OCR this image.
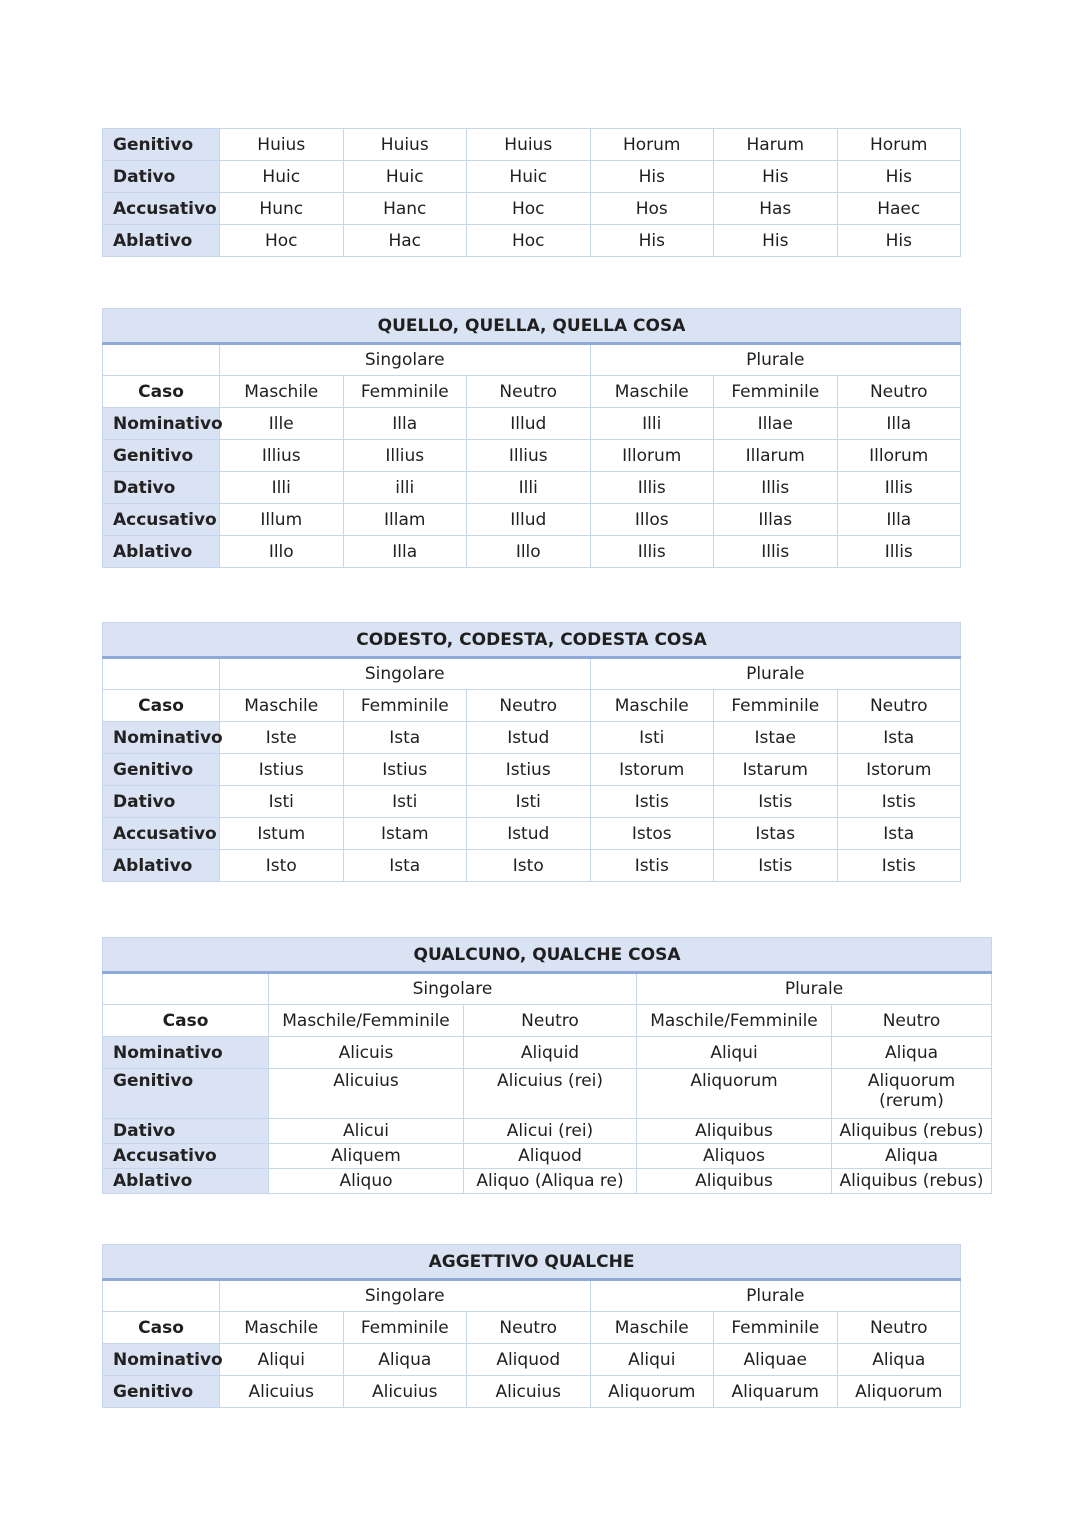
Genitivo	Huius	Huius	Huius	Horum	Harum	Horum
Dativo	Huic	Huic	Huic	His	His	His
Accusativo	Hunc	Hanc	Hoc	Hos	Has	Haec
Ablativo	Hoc	Hac	Hoc	His	His	His
QUELLO, QUELLA, QUELLA COSA						
	Singolare			Plurale		
Caso	Maschile	Femminile	Neutro	Maschile	Femminile	Neutro
Nominativo	Ille	Illa	Illud	Illi	Illae	Illa
Genitivo	Illius	Illius	Illius	Illorum	Illarum	Illorum
Dativo	Illi	illi	Illi	Illis	Illis	Illis
Accusativo	Illum	Illam	Illud	Illos	Illas	Illa
Ablativo	Illo	Illa	Illo	Illis	Illis	Illis
CODESTO, CODESTA, CODESTA COSA						
	Singolare			Plurale		
Caso	Maschile	Femminile	Neutro	Maschile	Femminile	Neutro
Nominativo	Iste	Ista	Istud	Isti	Istae	Ista
Genitivo	Istius	Istius	Istius	Istorum	Istarum	Istorum
Dativo	Isti	Isti	Isti	Istis	Istis	Istis
Accusativo	Istum	Istam	Istud	Istos	Istas	Ista
Ablativo	Isto	Ista	Isto	Istis	Istis	Istis
QUALCUNO, QUALCHE COSA				
	Singolare		Plurale	
Caso	Maschile/Femminile	Neutro	Maschile/Femminile	Neutro
Nominativo	Alicuis	Aliquid	Aliqui	Aliqua
Genitivo	Alicuius	Alicuius (rei)	Aliquorum	Aliquorum (rerum)
Dativo	Alicui	Alicui (rei)	Aliquibus	Aliquibus (rebus)
Accusativo	Aliquem	Aliquod	Aliquos	Aliqua
Ablativo	Aliquo	Aliquo (Aliqua re)	Aliquibus	Aliquibus (rebus)
AGGETTIVO QUALCHE						
	Singolare			Plurale		
Caso	Maschile	Femminile	Neutro	Maschile	Femminile	Neutro
Nominativo	Aliqui	Aliqua	Aliquod	Aliqui	Aliquae	Aliqua
Genitivo	Alicuius	Alicuius	Alicuius	Aliquorum	Aliquarum	Aliquorum
